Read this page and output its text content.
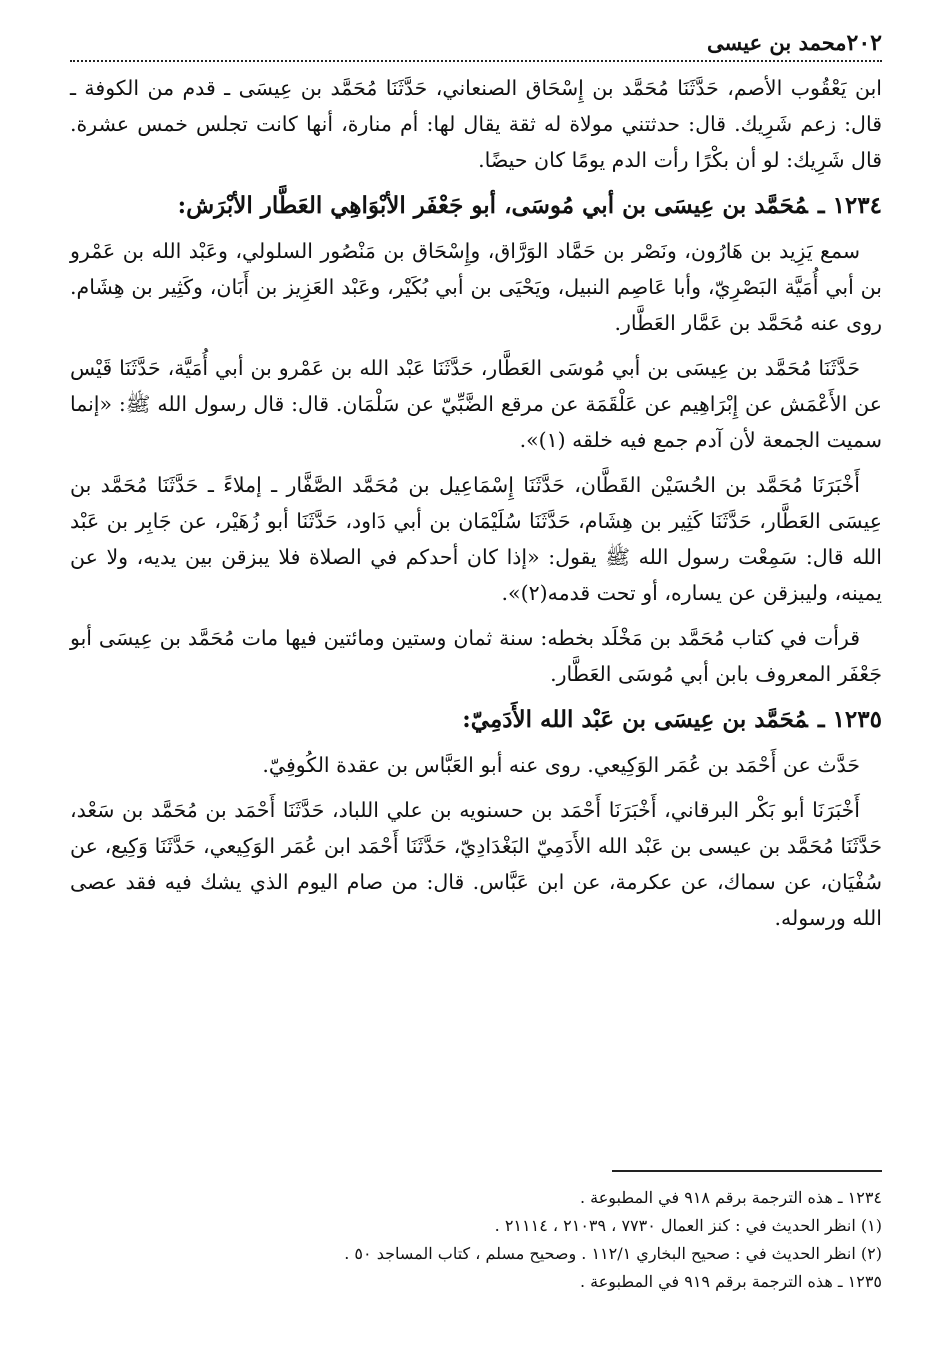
٢٠٢
محمد بن عيسى

ابن يَعْقُوب الأصم، حَدَّثَنَا مُحَمَّد بن إِسْحَاق الصنعاني، حَدَّثَنَا مُحَمَّد بن عِيسَى ـ قدم من الكوفة ـ قال: زعم شَرِيك. قال: حدثتني مولاة له ثقة يقال لها: أم منارة، أنها كانت تجلس خمس عشرة. قال شَرِيك: لو أن بكْرًا رأت الدم يومًا كان حيضًا.

١٢٣٤ ـمُحَمَّد بن عِيسَى بن أبي مُوسَى، أبو جَعْفَر الأبْوَاهِي العَطَّار الأبْرَش:

سمع يَزِيد بن هَارُون، ونَصْر بن حَمَّاد الوَرَّاق، وإِسْحَاق بن مَنْصُور السلولي، وعَبْد الله بن عَمْرو بن أبي أُمَيَّة البَصْرِيّ، وأبا عَاصِم النبيل، ويَحْيَى بن أبي بُكَيْر، وعَبْد العَزِيز بن أَبَان، وكَثِير بن هِشَام. روى عنه مُحَمَّد بن عَمَّار العَطَّار.

حَدَّثَنَا مُحَمَّد بن عِيسَى بن أبي مُوسَى العَطَّار، حَدَّثَنَا عَبْد الله بن عَمْرو بن أبي أُمَيَّة، حَدَّثَنَا قَيْس عن الأَعْمَش عن إِبْرَاهِيم عن عَلْقَمَة عن مرقع الضَّبِّيّ عن سَلْمَان. قال: قال رسول الله ﷺ: «إنما سميت الجمعة لأن آدم جمع فيه خلقه (١)».

أَخْبَرَنَا مُحَمَّد بن الحُسَيْن القَطَّان، حَدَّثَنَا إِسْمَاعِيل بن مُحَمَّد الصَّفَّار ـ إملاءً ـ حَدَّثَنَا مُحَمَّد بن عِيسَى العَطَّار، حَدَّثَنَا كَثِير بن هِشَام، حَدَّثَنَا سُلَيْمَان بن أبي دَاود، حَدَّثَنَا أبو زُهَيْر، عن جَابِر بن عَبْد الله قال: سَمِعْت رسول الله ﷺ يقول: «إذا كان أحدكم في الصلاة فلا يبزقن بين يديه، ولا عن يمينه، وليبزقن عن يساره، أو تحت قدمه(٢)».

قرأت في كتاب مُحَمَّد بن مَخْلَد بخطه: سنة ثمان وستين ومائتين فيها مات مُحَمَّد بن عِيسَى أبو جَعْفَر المعروف بابن أبي مُوسَى العَطَّار.

١٢٣٥ ـمُحَمَّد بن عِيسَى بن عَبْد الله الأَدَمِيّ:

حَدَّث عن أَحْمَد بن عُمَر الوَكِيعي. روى عنه أبو العَبَّاس بن عقدة الكُوفِيّ.

أَخْبَرَنَا أبو بَكْر البرقاني، أَخْبَرَنَا أَحْمَد بن حسنويه بن علي اللباد، حَدَّثَنَا أَحْمَد بن مُحَمَّد بن سَعْد، حَدَّثَنَا مُحَمَّد بن عيسى بن عَبْد الله الأَدَمِيّ البَغْدَادِيّ، حَدَّثَنَا أَحْمَد ابن عُمَر الوَكِيعي، حَدَّثَنَا وَكِيع، عن سُفْيَان، عن سماك، عن عكرمة، عن ابن عَبَّاس. قال: من صام اليوم الذي يشك فيه فقد عصى الله ورسوله.

١٢٣٤ ـ هذه الترجمة برقم ٩١٨ في المطبوعة .
(١) انظر الحديث في : كنز العمال ٧٧٣٠ ، ٢١٠٣٩ ، ٢١١١٤ .
(٢) انظر الحديث في : صحيح البخاري ١١٢/١ . وصحيح مسلم ، كتاب المساجد ٥٠ .
١٢٣٥ ـ هذه الترجمة برقم ٩١٩ في المطبوعة .
